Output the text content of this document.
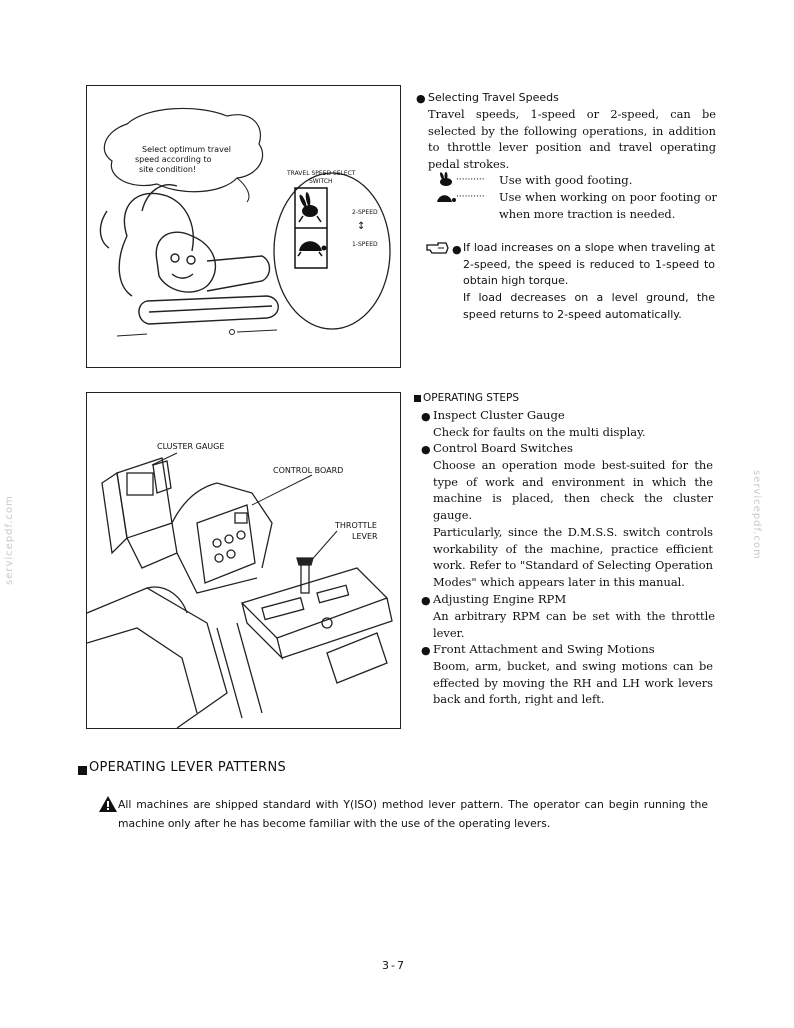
servicepdf.com	servicepdf.com
Select optimum travel
speed according to
site condition!	TRAVEL SPEED SELECT
SWITCH
2-SPEED
↕
1-SPEED
● Selecting Travel Speeds
Travel speeds, 1-speed or 2-speed, can be selected by the following operations, in addition to throttle lever position and travel operating pedal strokes.
·········· Use with good footing.
·········· Use when working on poor footing or when more traction is needed.
● If load increases on a slope when traveling at 2-speed, the speed is reduced to 1-speed to obtain high torque.
If load decreases on a level ground, the speed returns to 2-speed automatically.
CLUSTER GAUGE
CONTROL BOARD
THROTTLE
LEVER
OPERATING STEPS
● Inspect Cluster Gauge
Check for faults on the multi display.
● Control Board Switches
Choose an operation mode best-suited for the type of work and environment in which the machine is placed, then check the cluster gauge.
Particularly, since the D.M.S.S. switch controls workability of the machine, practice efficient work. Refer to "Standard of Selecting Operation Modes" which appears later in this manual.
● Adjusting Engine RPM
An arbitrary RPM can be set with the throttle lever.
● Front Attachment and Swing Motions
Boom, arm, bucket, and swing motions can be effected by moving the RH and LH work levers back and forth, right and left.
OPERATING LEVER PATTERNS
All machines are shipped standard with Y(ISO) method lever pattern. The operator can begin running the machine only after he has become familiar with the use of the operating levers.
3-7
